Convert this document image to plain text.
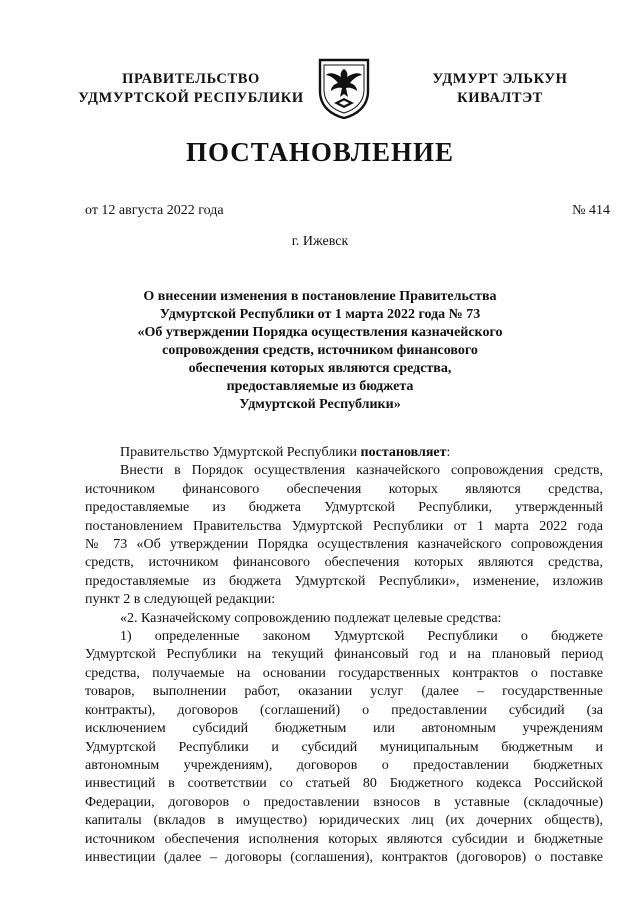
ПРАВИТЕЛЬСТВО
УДМУРТСКОЙ РЕСПУБЛИКИ
УДМУРТ ЭЛЬКУН
КИВАЛТЭТ
ПОСТАНОВЛЕНИЕ
от 12 августа 2022 года	№ 414
г. Ижевск
О внесении изменения в постановление Правительства
Удмуртской Республики от 1 марта 2022 года № 73
«Об утверждении Порядка осуществления казначейского
сопровождения средств, источником финансового
обеспечения которых являются средства,
предоставляемые из бюджета
Удмуртской Республики»
Правительство Удмуртской Республики постановляет:
Внести в Порядок осуществления казначейского сопровождения средств,
источником финансового обеспечения которых являются средства,
предоставляемые из бюджета Удмуртской Республики, утвержденный
постановлением Правительства Удмуртской Республики от 1 марта 2022 года
№ 73 «Об утверждении Порядка осуществления казначейского сопровождения
средств, источником финансового обеспечения которых являются средства,
предоставляемые из бюджета Удмуртской Республики», изменение, изложив
пункт 2 в следующей редакции:
«2. Казначейскому сопровождению подлежат целевые средства:
1) определенные законом Удмуртской Республики о бюджете
Удмуртской Республики на текущий финансовый год и на плановый период
средства, получаемые на основании государственных контрактов о поставке
товаров, выполнении работ, оказании услуг (далее – государственные
контракты), договоров (соглашений) о предоставлении субсидий (за
исключением субсидий бюджетным или автономным учреждениям
Удмуртской Республики и субсидий муниципальным бюджетным и
автономным учреждениям), договоров о предоставлении бюджетных
инвестиций в соответствии со статьей 80 Бюджетного кодекса Российской
Федерации, договоров о предоставлении взносов в уставные (складочные)
капиталы (вкладов в имущество) юридических лиц (их дочерних обществ),
источником обеспечения исполнения которых являются субсидии и бюджетные
инвестиции (далее – договоры (соглашения), контрактов (договоров) о поставке
